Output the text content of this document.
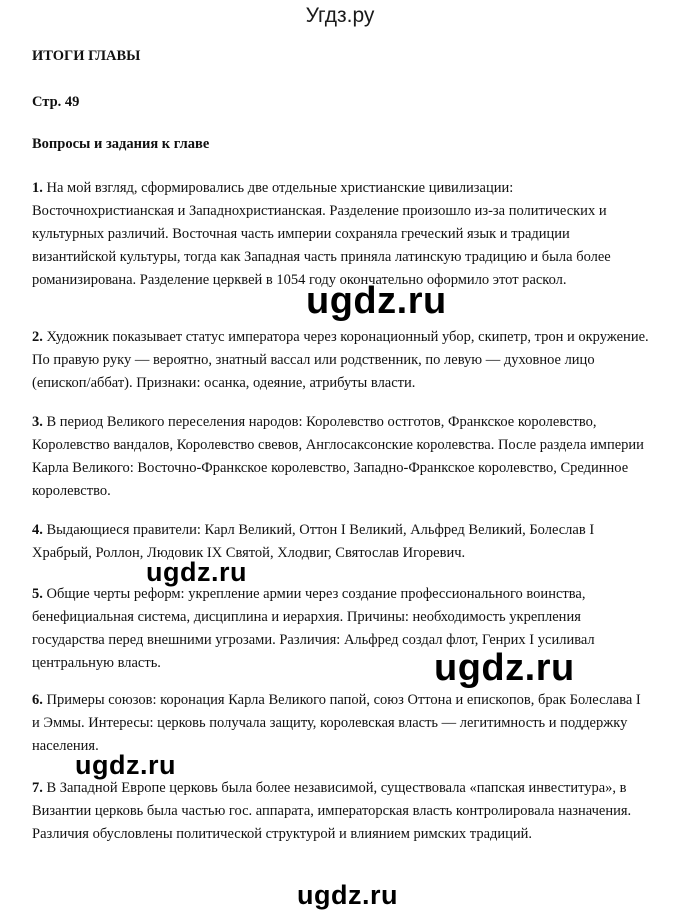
Угдз.ру
ИТОГИ ГЛАВЫ
Стр. 49
Вопросы и задания к главе
1. На мой взгляд, сформировались две отдельные христианские цивилизации: Восточнохристианская и Западнохристианская. Разделение произошло из-за политических и культурных различий. Восточная часть империи сохраняла греческий язык и традиции византийской культуры, тогда как Западная часть приняла латинскую традицию и была более романизирована. Разделение церквей в 1054 году окончательно оформило этот раскол.
2. Художник показывает статус императора через коронационный убор, скипетр, трон и окружение. По правую руку — вероятно, знатный вассал или родственник, по левую — духовное лицо (епископ/аббат). Признаки: осанка, одеяние, атрибуты власти.
3. В период Великого переселения народов: Королевство остготов, Франкское королевство, Королевство вандалов, Королевство свевов, Англосаксонские королевства. После раздела империи Карла Великого: Восточно-Франкское королевство, Западно-Франкское королевство, Срединное королевство.
4. Выдающиеся правители: Карл Великий, Оттон I Великий, Альфред Великий, Болеслав I Храбрый, Роллон, Людовик IX Святой, Хлодвиг, Святослав Игоревич.
5. Общие черты реформ: укрепление армии через создание профессионального воинства, бенефициальная система, дисциплина и иерархия. Причины: необходимость укрепления государства перед внешними угрозами. Различия: Альфред создал флот, Генрих I усиливал центральную власть.
6. Примеры союзов: коронация Карла Великого папой, союз Оттона и епископов, брак Болеслава I и Эммы. Интересы: церковь получала защиту, королевская власть — легитимность и поддержку населения.
7. В Западной Европе церковь была более независимой, существовала «папская инвеститура», в Византии церковь была частью гос. аппарата, императорская власть контролировала назначения. Различия обусловлены политической структурой и влиянием римских традиций.
ugdz.ru
ugdz.ru
ugdz.ru
ugdz.ru
ugdz.ru
